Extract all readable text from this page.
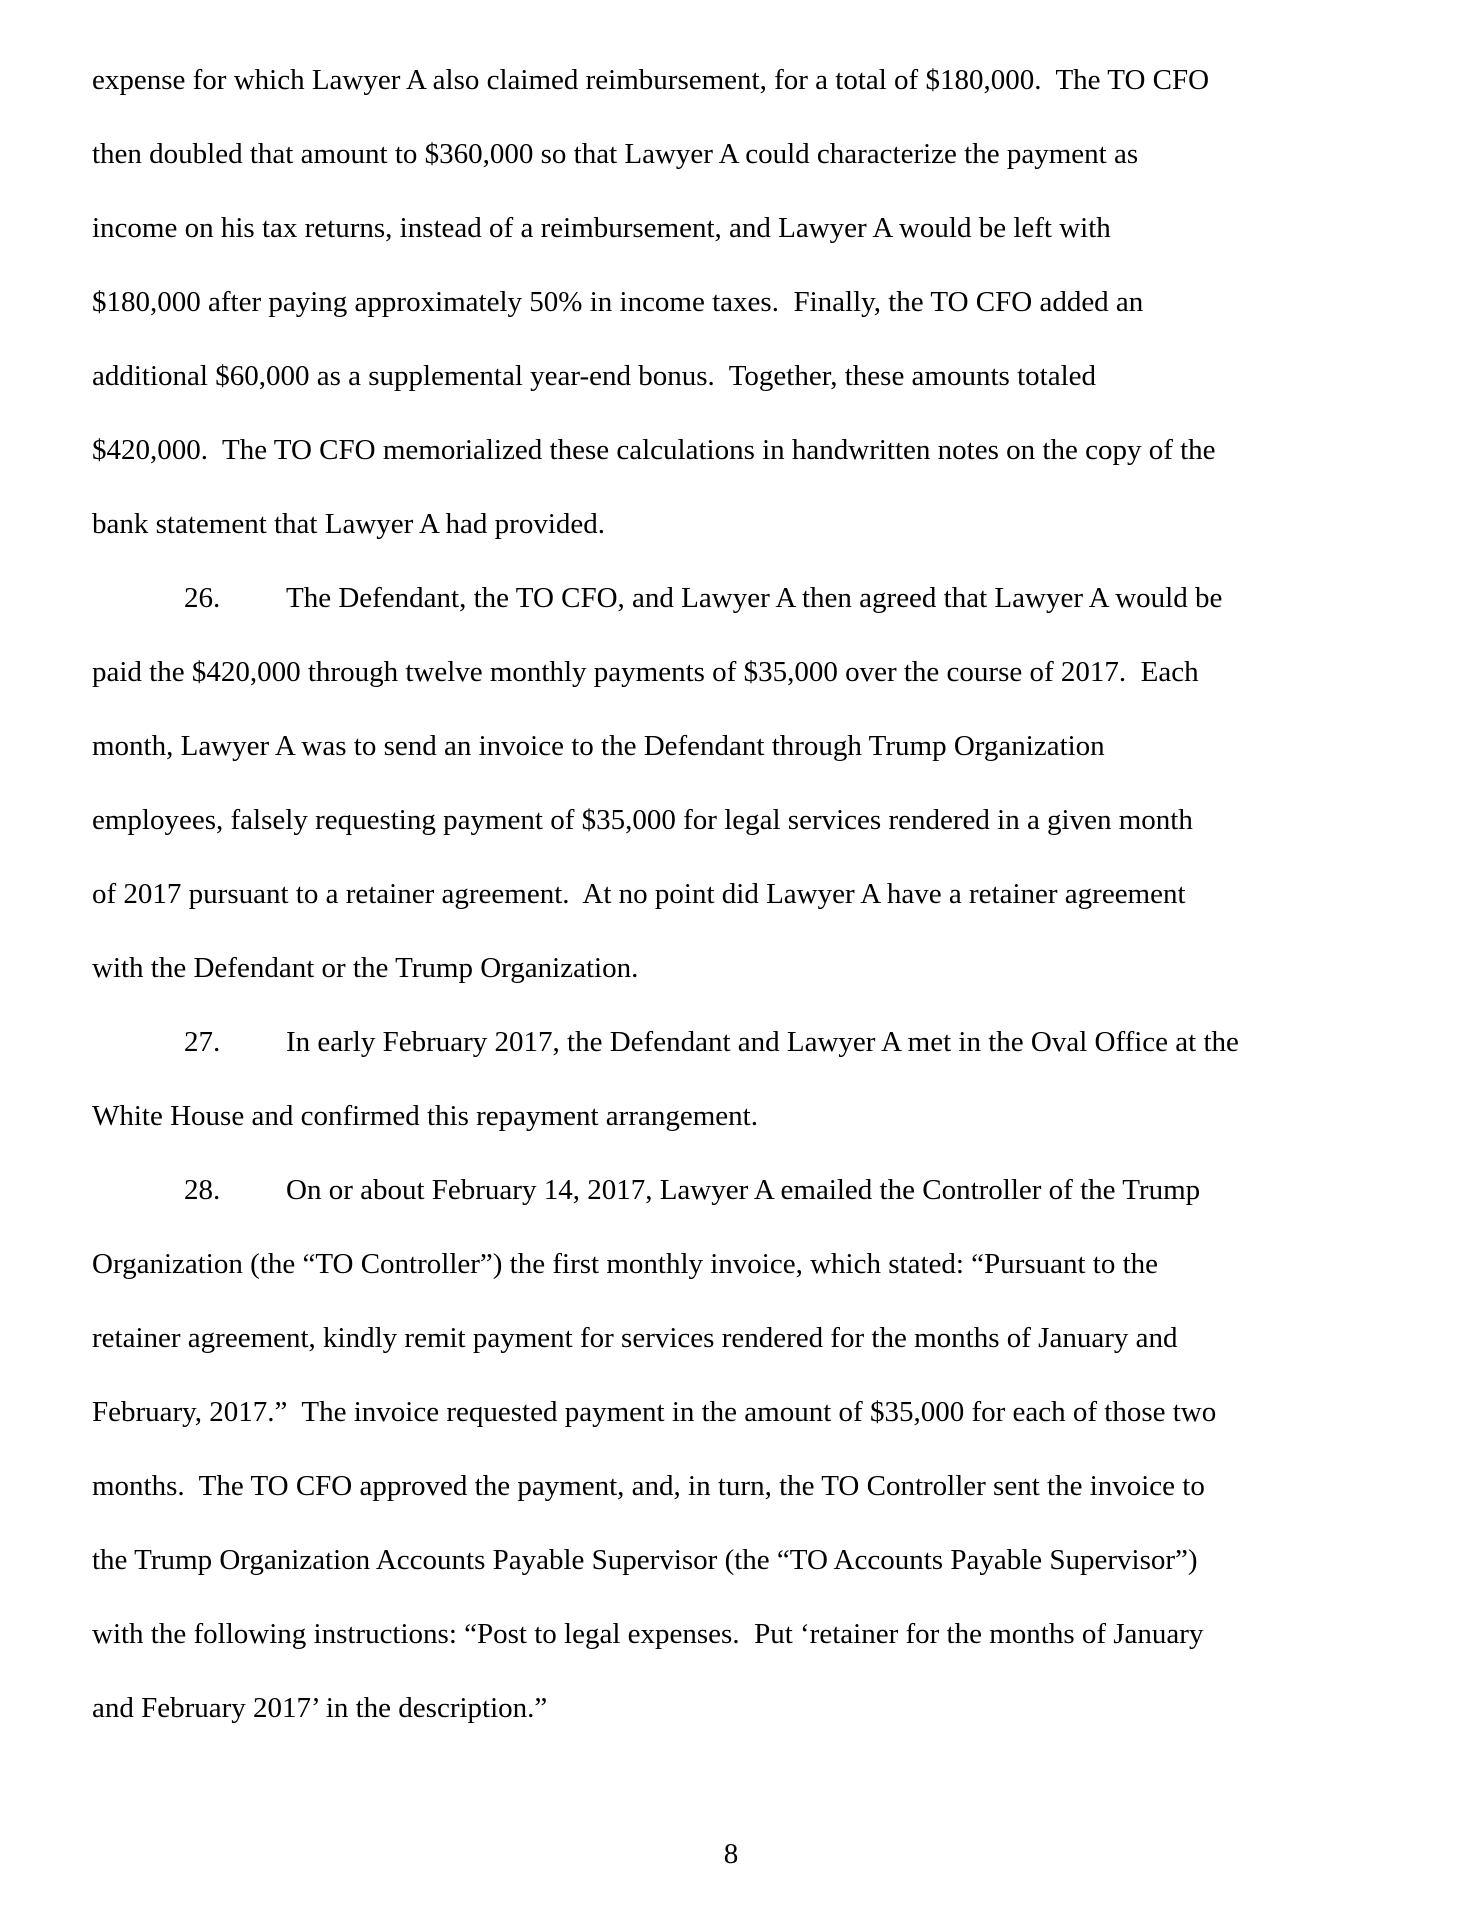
expense for which Lawyer A also claimed reimbursement, for a total of $180,000.  The TO CFO

then doubled that amount to $360,000 so that Lawyer A could characterize the payment as

income on his tax returns, instead of a reimbursement, and Lawyer A would be left with

$180,000 after paying approximately 50% in income taxes.  Finally, the TO CFO added an

additional $60,000 as a supplemental year-end bonus.  Together, these amounts totaled

$420,000.  The TO CFO memorialized these calculations in handwritten notes on the copy of the

bank statement that Lawyer A had provided.

26. The Defendant, the TO CFO, and Lawyer A then agreed that Lawyer A would be

paid the $420,000 through twelve monthly payments of $35,000 over the course of 2017.  Each

month, Lawyer A was to send an invoice to the Defendant through Trump Organization

employees, falsely requesting payment of $35,000 for legal services rendered in a given month

of 2017 pursuant to a retainer agreement.  At no point did Lawyer A have a retainer agreement

with the Defendant or the Trump Organization.

27. In early February 2017, the Defendant and Lawyer A met in the Oval Office at the

White House and confirmed this repayment arrangement.

28. On or about February 14, 2017, Lawyer A emailed the Controller of the Trump

Organization (the “TO Controller”) the first monthly invoice, which stated: “Pursuant to the

retainer agreement, kindly remit payment for services rendered for the months of January and

February, 2017.”  The invoice requested payment in the amount of $35,000 for each of those two

months.  The TO CFO approved the payment, and, in turn, the TO Controller sent the invoice to

the Trump Organization Accounts Payable Supervisor (the “TO Accounts Payable Supervisor”)

with the following instructions: “Post to legal expenses.  Put ‘retainer for the months of January

and February 2017’ in the description.”

8
